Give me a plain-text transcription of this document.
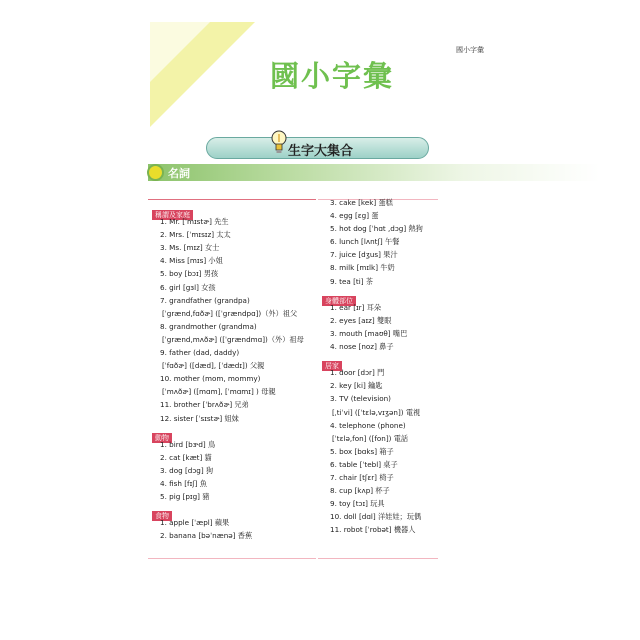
國小字彙
國小字彙
生字大集合
名詞
稱謂及家庭
1. Mr. [ˈmɪstɚ] 先生
2. Mrs. [ˈmɪsɪz] 太太
3. Ms. [mɪz] 女士
4. Miss [mɪs] 小姐
5. boy [bɔɪ] 男孩
6. girl [gɜl] 女孩
7. grandfather (grandpa)
[ˈgrænd,fɑðɚ] ([ˈgrændpɑ])（外）祖父
8. grandmother (grandma)
[ˈgrænd,mʌðɚ] ([ˈgrændmɑ])（外）祖母
9. father (dad, daddy)
[ˈfɑðɚ] ([dæd], [ˈdædɪ]) 父親
10. mother (mom, mommy)
[ˈmʌðɚ] ([mɑm], [ˈmɑmɪ] ) 母親
11. brother [ˈbrʌðɚ] 兄弟
12. sister [ˈsɪstɚ] 姐妹
動物
1. bird [bɝd] 鳥
2. cat [kæt] 貓
3. dog [dɔg] 狗
4. fish [fɪʃ] 魚
5. pig [pɪg] 豬
食物
1. apple [ˈæpl] 蘋果
2. banana [bəˈnænə] 香蕉
3. cake [kek] 蛋糕
4. egg [ɛg] 蛋
5. hot dog [ˈhɑt ,dɔg] 熱狗
6. lunch [lʌntʃ] 午餐
7. juice [dʒus] 果汁
8. milk [mɪlk] 牛奶
9. tea [ti] 茶
身體部位
1. ear [ɪr] 耳朵
2. eyes [aɪz] 雙眼
3. mouth [maʊθ] 嘴巴
4. nose [noz] 鼻子
居家
1. door [dɔr] 門
2. key [ki] 鑰匙
3. TV (television)
[ˌtiˈvi] ([ˈtɛlə,vɪʒən]) 電視
4. telephone (phone)
[ˈtɛlə,fon] ([fon]) 電話
5. box [bɑks] 箱子
6. table [ˈtebl] 桌子
7. chair [tʃɛr] 椅子
8. cup [kʌp] 杯子
9. toy [tɔɪ] 玩具
10. doll [dɑl] 洋娃娃；玩偶
11. robot [ˈrobət] 機器人
